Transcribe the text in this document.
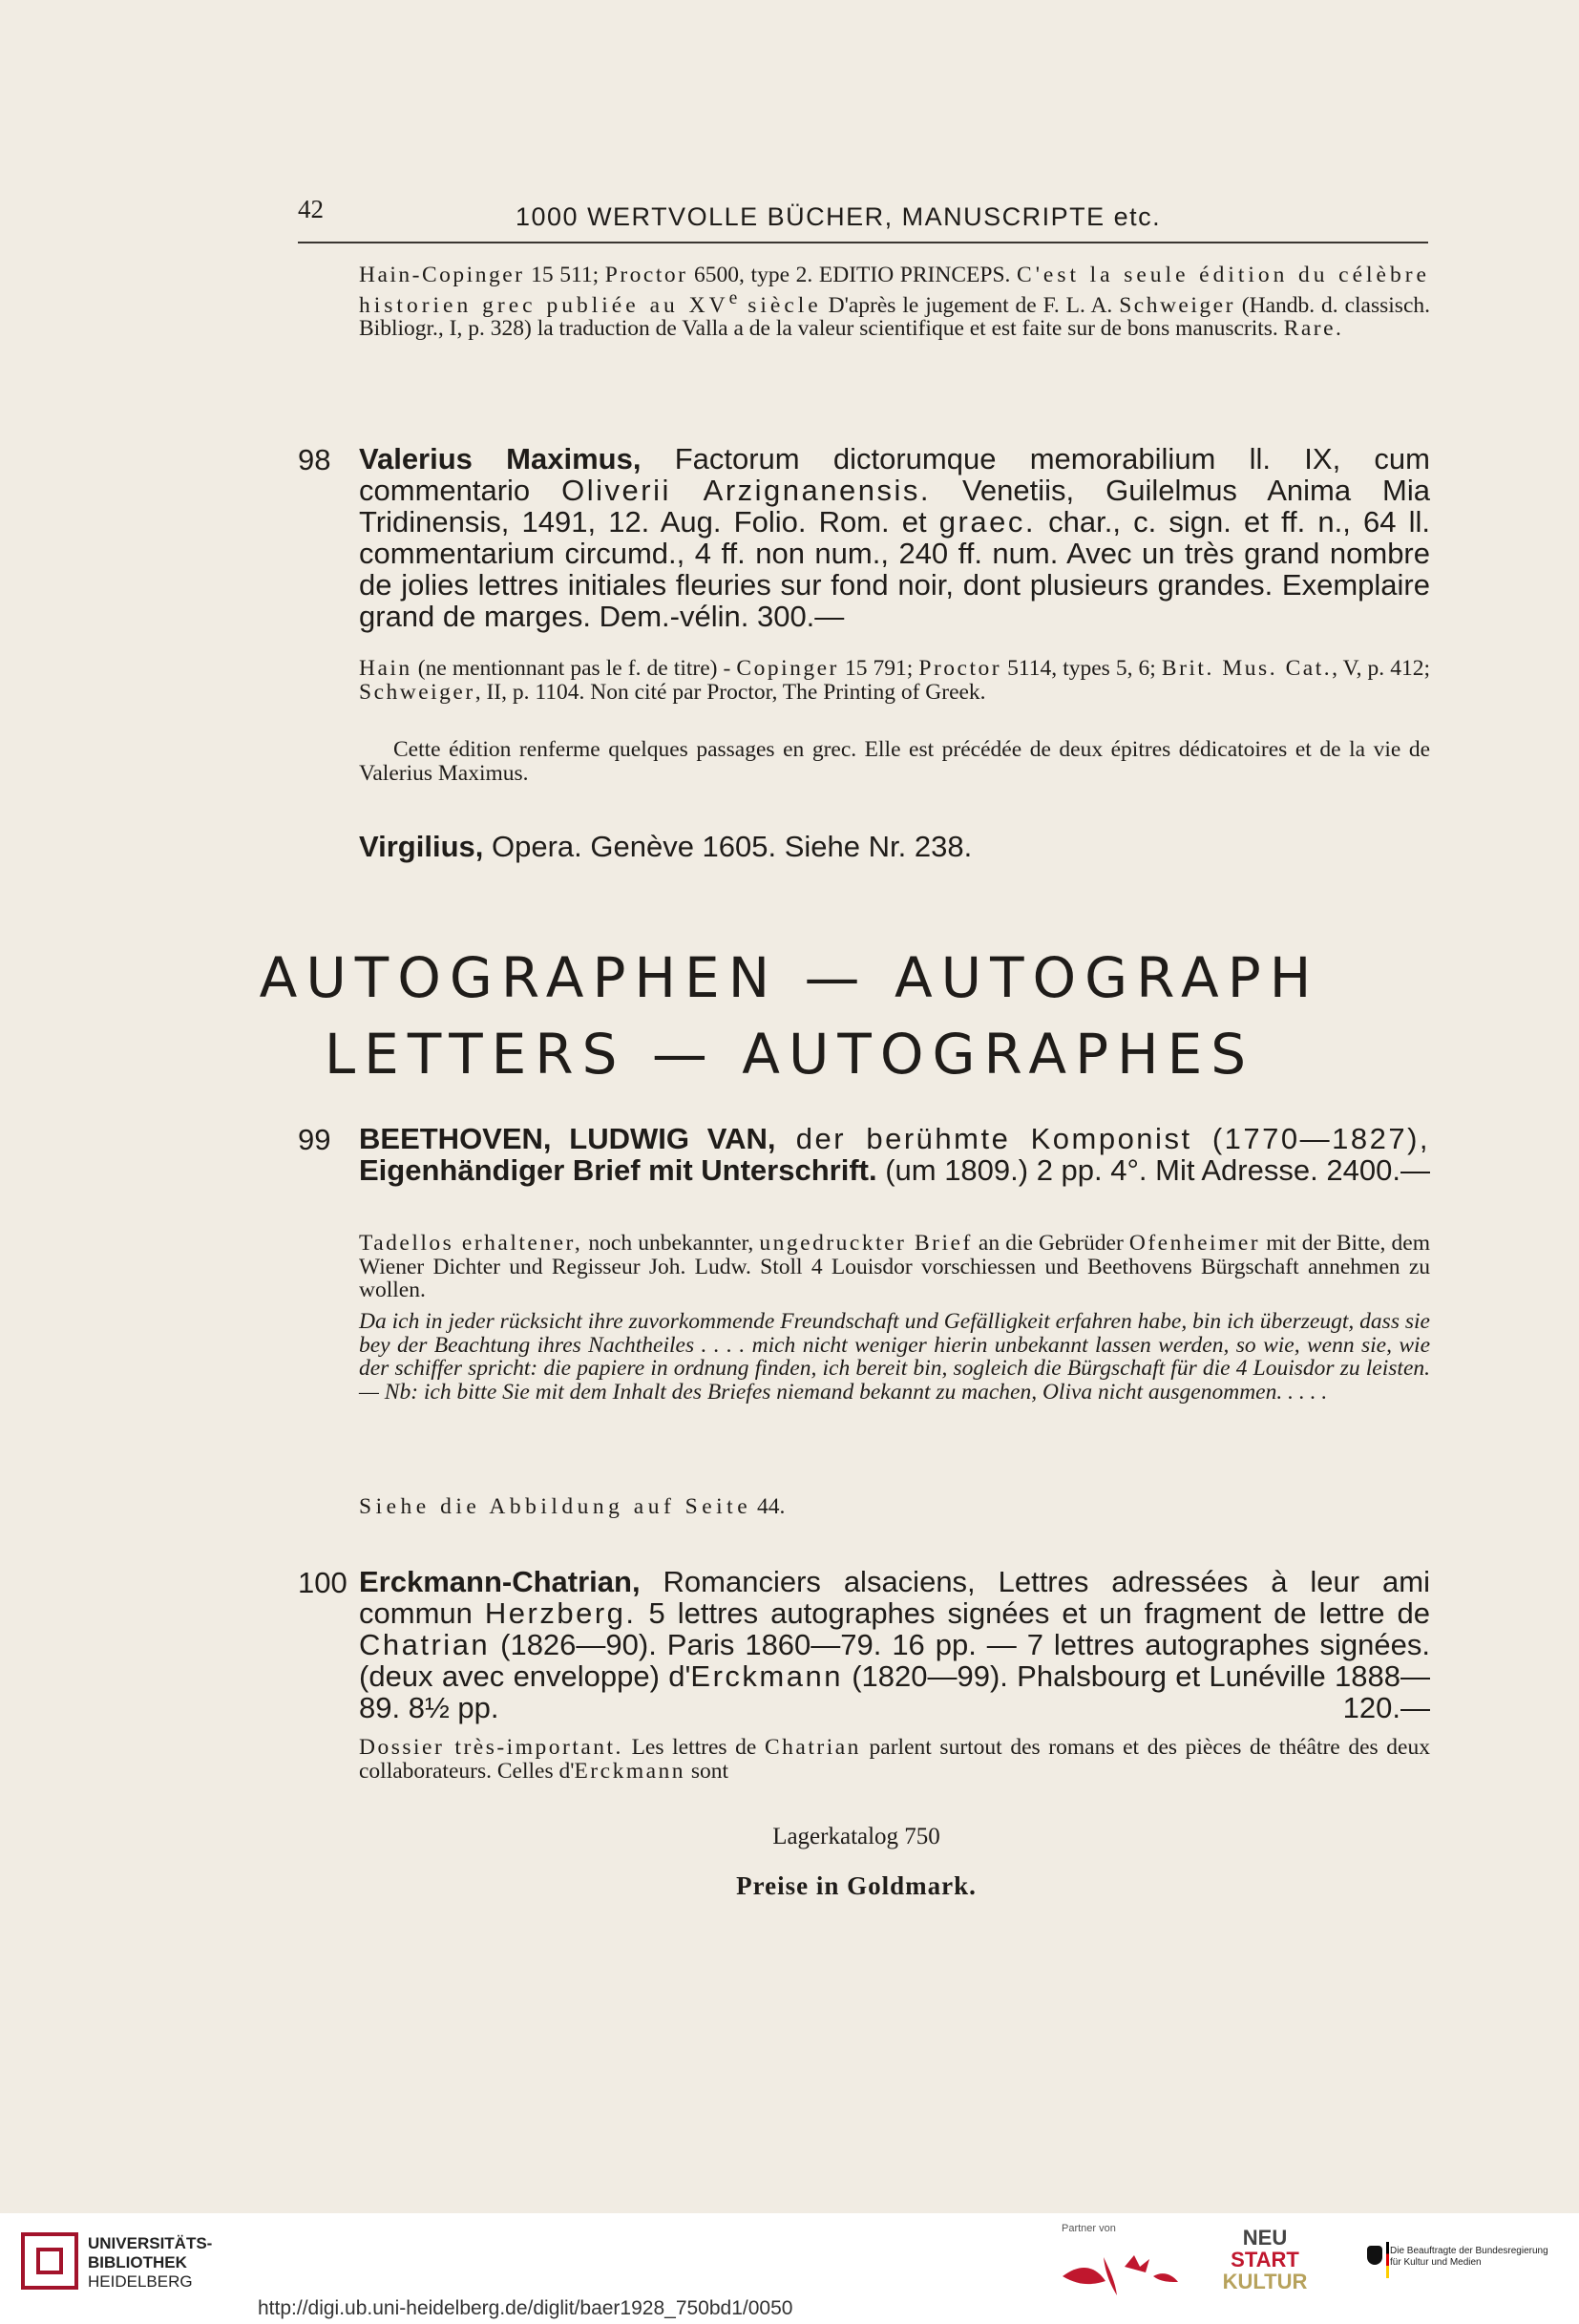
42	1000 WERTVOLLE BÜCHER, MANUSCRIPTE etc.
Hain-Copinger 15 511; Proctor 6500, type 2. EDITIO PRINCEPS. C'est la seule édition du célèbre historien grec publiée au XVe siècle D'après le jugement de F. L. A. Schweiger (Handb. d. classisch. Bibliogr., I, p. 328) la traduction de Valla a de la valeur scientifique et est faite sur de bons manuscrits. Rare.
98 Valerius Maximus, Factorum dictorumque memorabilium ll. IX, cum commentario Oliverii Arzignanensis. Venetiis, Guilelmus Anima Mia Tridinensis, 1491, 12. Aug. Folio. Rom. et graec. char., c. sign. et ff. n., 64 ll. commentarium circumd., 4 ff. non num., 240 ff. num. Avec un très grand nombre de jolies lettres initiales fleuries sur fond noir, dont plusieurs grandes. Exemplaire grand de marges. Dem.-vélin. 300.—
Hain (ne mentionnant pas le f. de titre) - Copinger 15 791; Proctor 5114, types 5, 6; Brit. Mus. Cat., V, p. 412; Schweiger, II, p. 1104. Non cité par Proctor, The Printing of Greek.
Cette édition renferme quelques passages en grec. Elle est précédée de deux épitres dédicatoires et de la vie de Valerius Maximus.
Virgilius, Opera. Genève 1605. Siehe Nr. 238.
AUTOGRAPHEN — AUTOGRAPH
LETTERS — AUTOGRAPHES
99 BEETHOVEN, LUDWIG VAN, der berühmte Komponist (1770—1827), Eigenhändiger Brief mit Unterschrift. (um 1809.) 2 pp. 4°. Mit Adresse. 2400.—
Tadellos erhaltener, noch unbekannter, ungedruckter Brief an die Gebrüder Ofenheimer mit der Bitte, dem Wiener Dichter und Regisseur Joh. Ludw. Stoll 4 Louisdor vorschiessen und Beethovens Bürgschaft annehmen zu wollen.
Da ich in jeder rücksicht ihre zuvorkommende Freundschaft und Gefälligkeit erfahren habe, bin ich überzeugt, dass sie bey der Beachtung ihres Nachtheiles . . . . mich nicht weniger hierin unbekannt lassen werden, so wie, wenn sie, wie der schiffer spricht: die papiere in ordnung finden, ich bereit bin, sogleich die Bürgschaft für die 4 Louisdor zu leisten. — Nb: ich bitte Sie mit dem Inhalt des Briefes niemand bekannt zu machen, Oliva nicht ausgenommen. . . . .
Siehe die Abbildung auf Seite 44.
100 Erckmann-Chatrian, Romanciers alsaciens, Lettres adressées à leur ami commun Herzberg. 5 lettres autographes signées et un fragment de lettre de Chatrian (1826—90). Paris 1860—79. 16 pp. — 7 lettres autographes signées. (deux avec enveloppe) d'Erckmann (1820—99). Phalsbourg et Lunéville 1888—89. 8½ pp.	120.—
Dossier très-important. Les lettres de Chatrian parlent surtout des romans et des pièces de théâtre des deux collaborateurs. Celles d'Erckmann sont
Lagerkatalog 750
Preise in Goldmark.
UNIVERSITÄTS-
BIBLIOTHEK
HEIDELBERG
http://digi.ub.uni-heidelberg.de/diglit/baer1928_750bd1/0050
Partner von	NEU
START
KULTUR
Die Beauftragte der Bundesregierung
für Kultur und Medien
